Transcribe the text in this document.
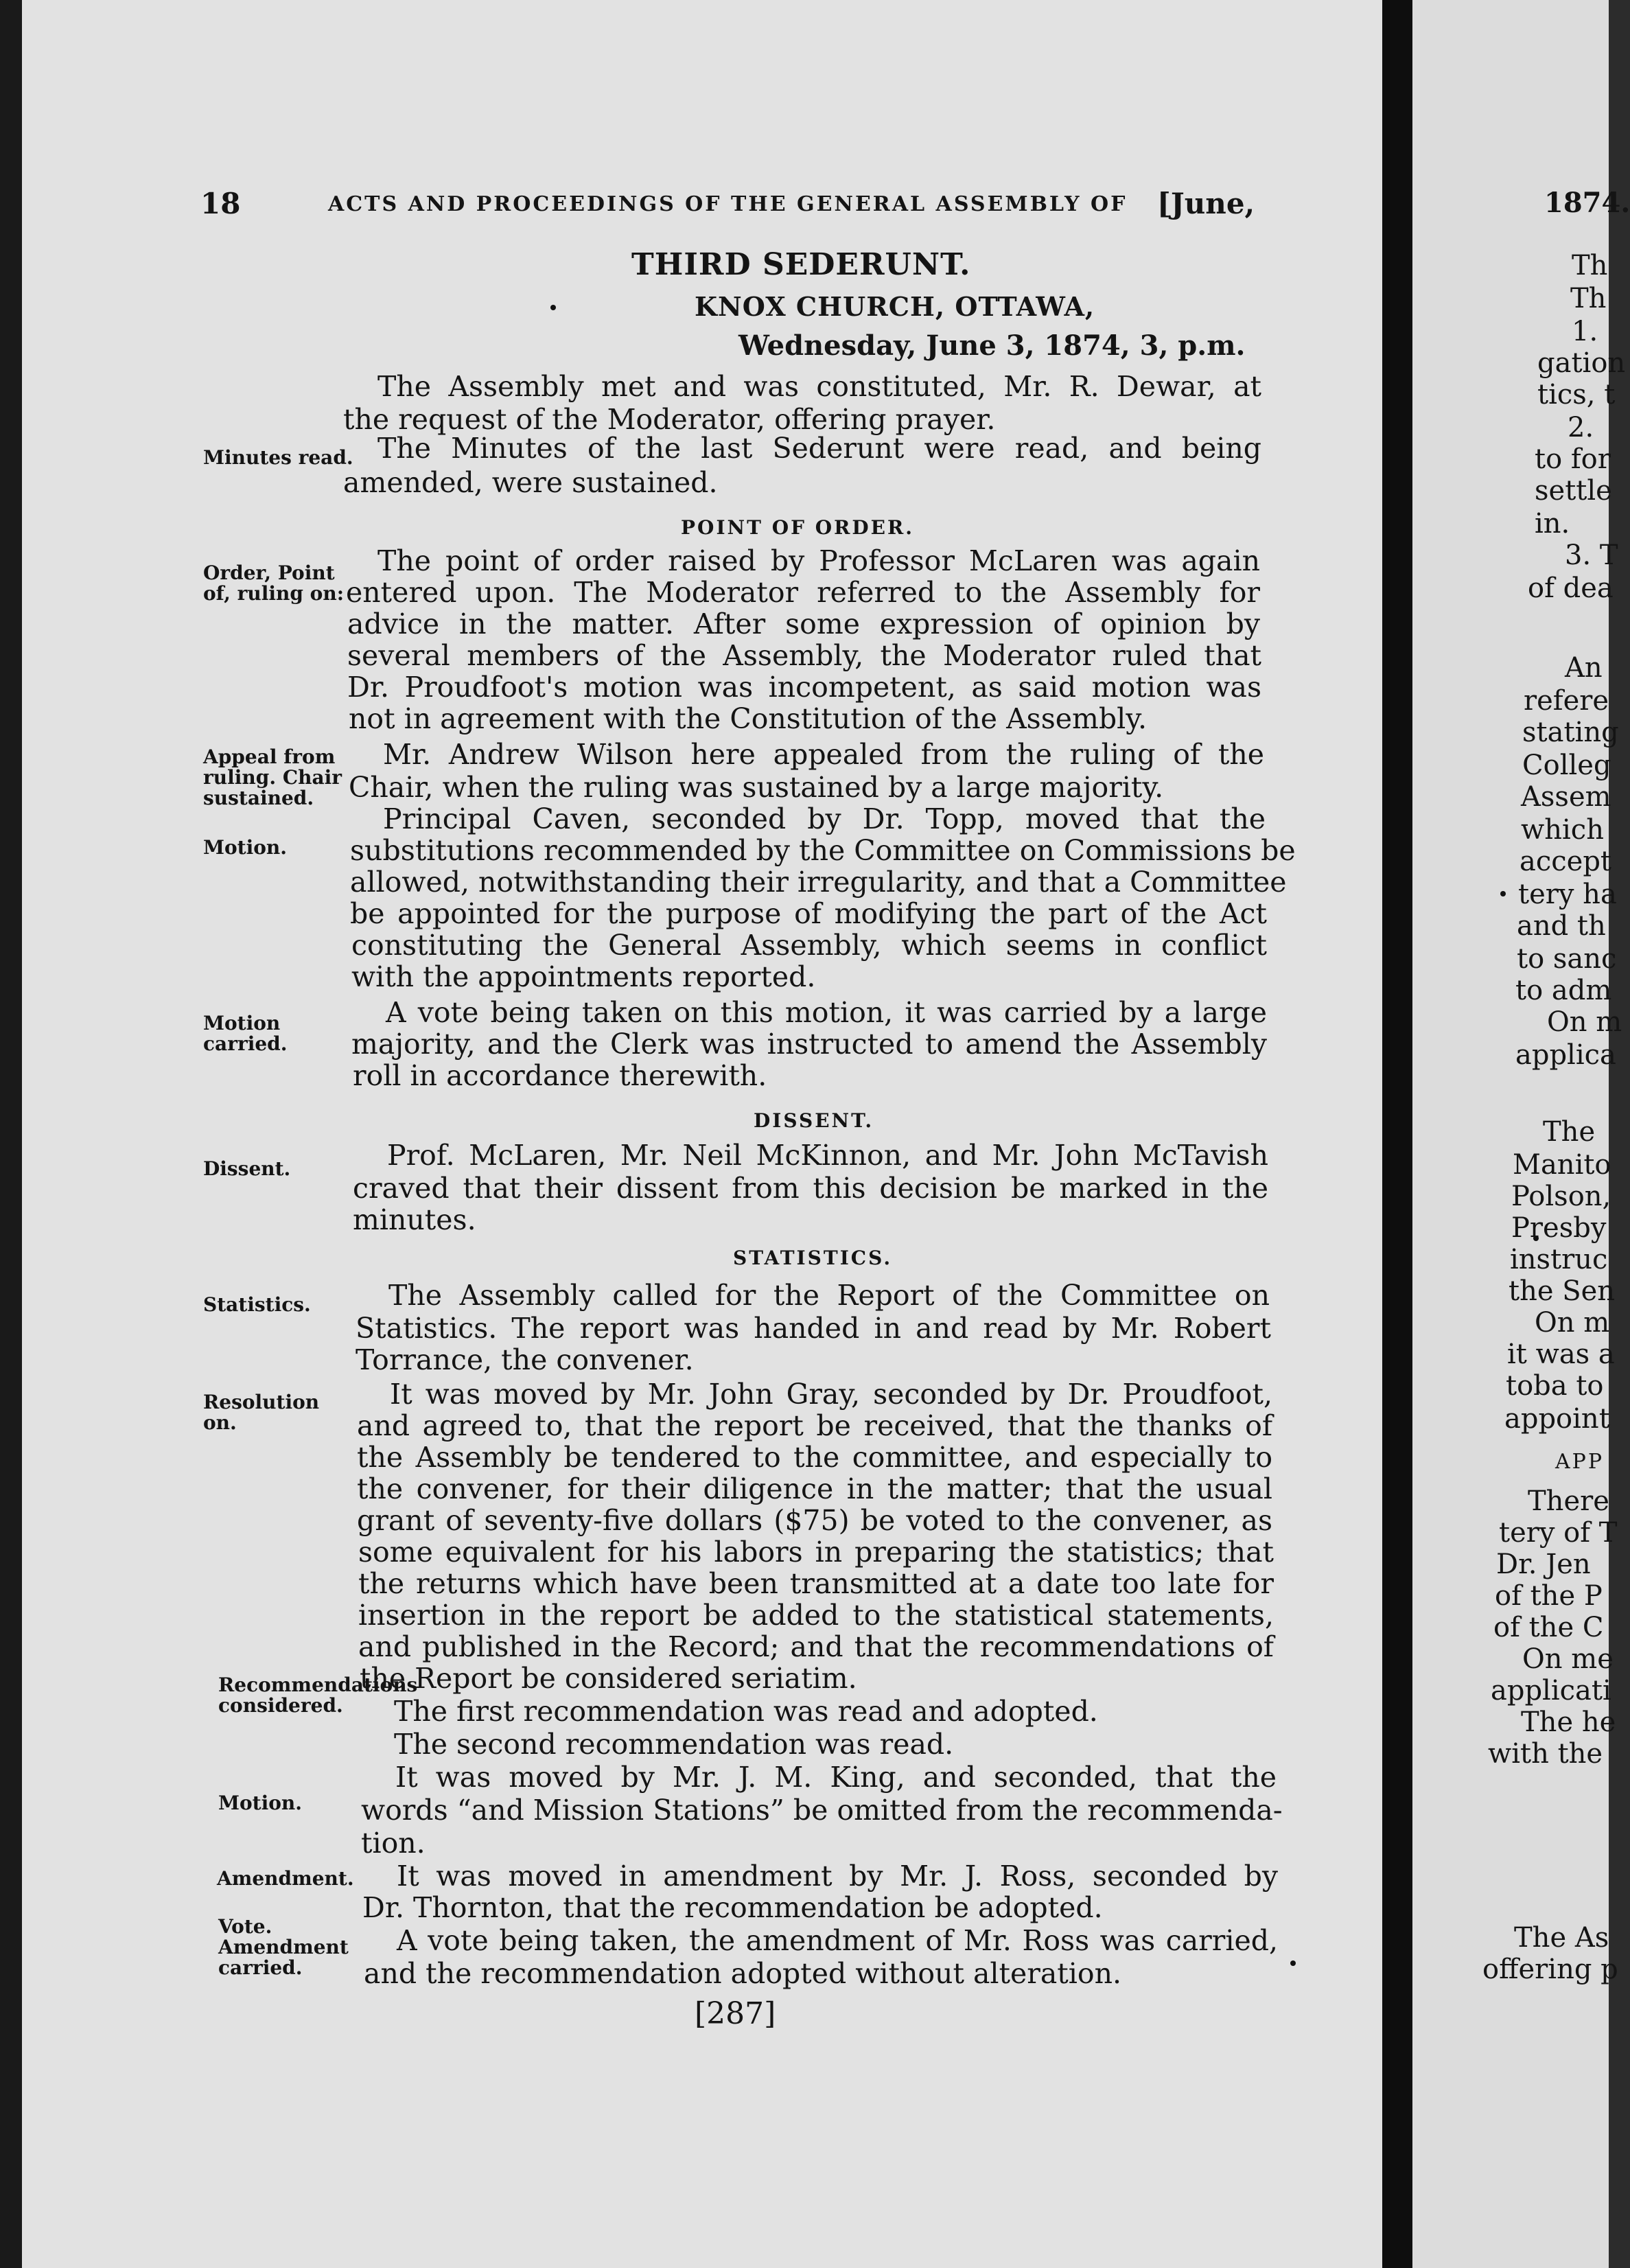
18	ACTS AND PROCEEDINGS OF THE GENERAL ASSEMBLY OF [June,
THIRD SEDERUNT.
KNOX CHURCH, OTTAWA,
Wednesday, June 3, 1874, 3, p.m.
POINT OF ORDER.
DISSENT.
STATISTICS.
Minutes read.
Order, Point of, ruling on:
Appeal from ruling. Chair sustained.
Motion.
Motion carried.
Dissent.
Statistics.
Resolution on.
Recommendations considered.
Motion.
Amendment.
Vote.
Amendment carried.
The Assembly met and was constituted, Mr. R. Dewar, at
the request of the Moderator, offering prayer.
The Minutes of the last Sederunt were read, and being
amended, were sustained.
The point of order raised by Professor McLaren was again
entered upon. The Moderator referred to the Assembly for
advice in the matter. After some expression of opinion by
several members of the Assembly, the Moderator ruled that
Dr. Proudfoot's motion was incompetent, as said motion was
not in agreement with the Constitution of the Assembly.
Mr. Andrew Wilson here appealed from the ruling of the
Chair, when the ruling was sustained by a large majority.
Principal Caven, seconded by Dr. Topp, moved that the
substitutions recommended by the Committee on Commissions be
allowed, notwithstanding their irregularity, and that a Committee
be appointed for the purpose of modifying the part of the Act
constituting the General Assembly, which seems in conflict
with the appointments reported.
A vote being taken on this motion, it was carried by a large
majority, and the Clerk was instructed to amend the Assembly
roll in accordance therewith.
Prof. McLaren, Mr. Neil McKinnon, and Mr. John McTavish
craved that their dissent from this decision be marked in the
minutes.
The Assembly called for the Report of the Committee on
Statistics. The report was handed in and read by Mr. Robert
Torrance, the convener.
It was moved by Mr. John Gray, seconded by Dr. Proudfoot,
and agreed to, that the report be received, that the thanks of
the Assembly be tendered to the committee, and especially to
the convener, for their diligence in the matter; that the usual
grant of seventy-five dollars ($75) be voted to the convener, as
some equivalent for his labors in preparing the statistics; that
the returns which have been transmitted at a date too late for
insertion in the report be added to the statistical statements,
and published in the Record; and that the recommendations of
the Report be considered seriatim.
The first recommendation was read and adopted.
The second recommendation was read.
It was moved by Mr. J. M. King, and seconded, that the
words “and Mission Stations” be omitted from the recommenda-
tion.
It was moved in amendment by Mr. J. Ross, seconded by
Dr. Thornton, that the recommendation be adopted.
A vote being taken, the amendment of Mr. Ross was carried,
and the recommendation adopted without alteration.
[287]
1874.
Th
Th
1.
gation
tics, t
2.
to for
settle
in.
3. T
of dea
An
refere
stating
Colleg
Assem
which
accept
tery ha
and th
to sanc
to adm
On m
applica
The
Manito
Polson,
Presby
instruc
the Sen
On m
it was a
toba to
appoint
APP
There
tery of T
Dr. Jen
of the P
of the C
On me
applicati
The he
with the
The As
offering p
